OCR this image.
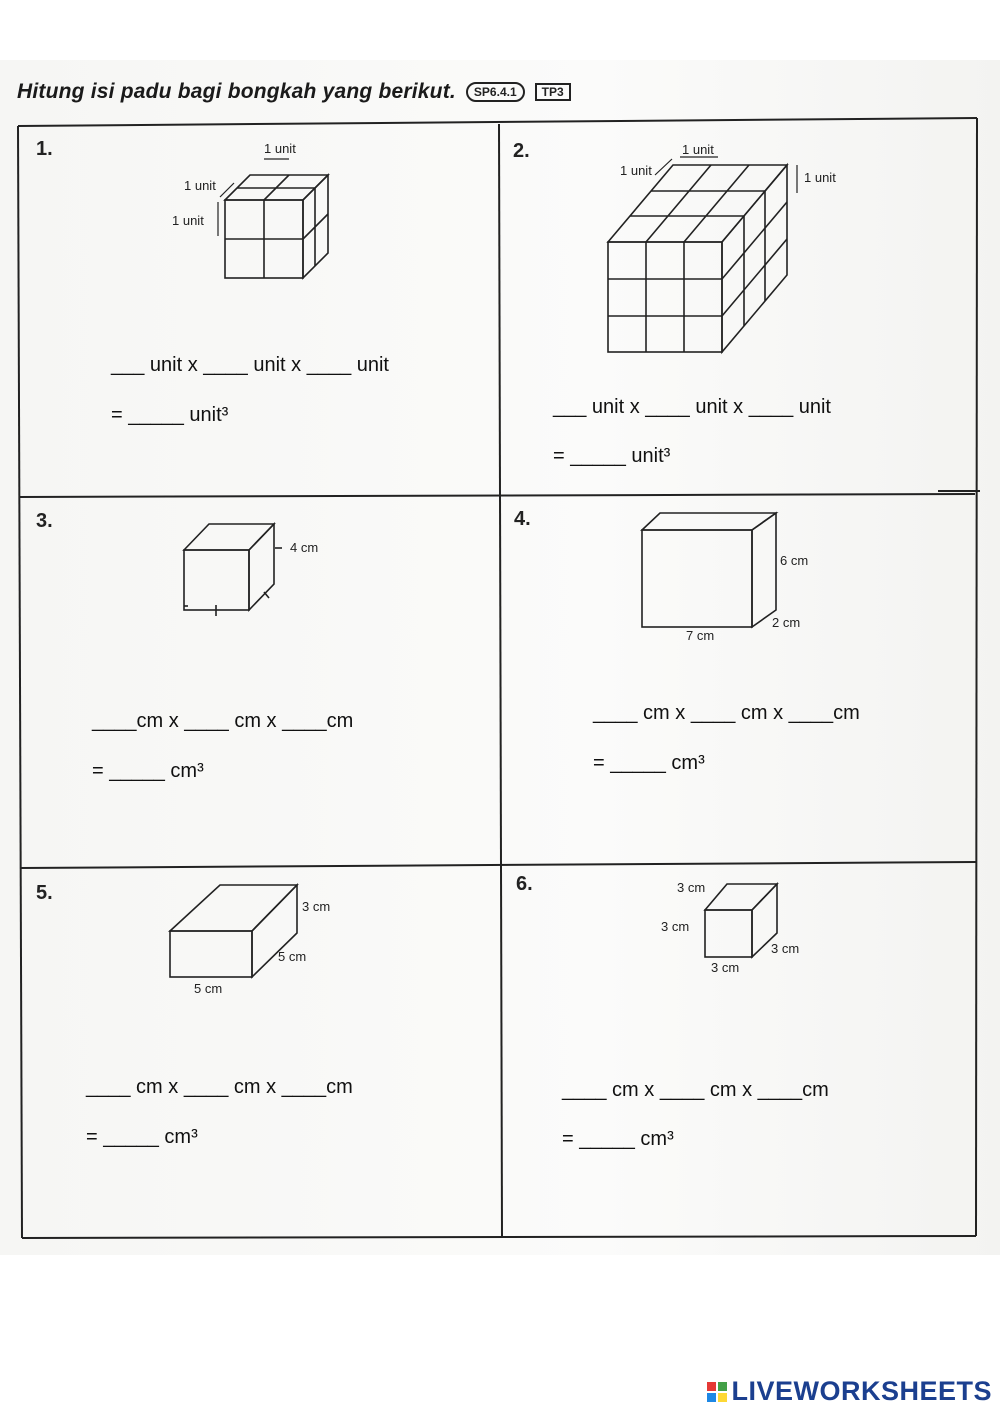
Hitung isi padu bagi bongkah yang berikut.	SP6.4.1	TP3
1.	2.
3.	4.
5.	6.
1 unit
1 unit
1 unit
1 unit
1 unit	1 unit
4 cm
6 cm
2 cm
7 cm
3 cm
5 cm
5 cm
3 cm
3 cm
3 cm
3 cm
___ unit x ____ unit x ____ unit
= _____ unit³	___ unit x ____ unit x ____ unit
= _____ unit³
____cm x ____ cm x ____cm
= _____ cm³
____ cm x ____ cm x ____cm
= _____ cm³
____ cm x ____ cm x ____cm
= _____ cm³
____ cm x ____ cm x ____cm
= _____ cm³
LIVEWORKSHEETS
